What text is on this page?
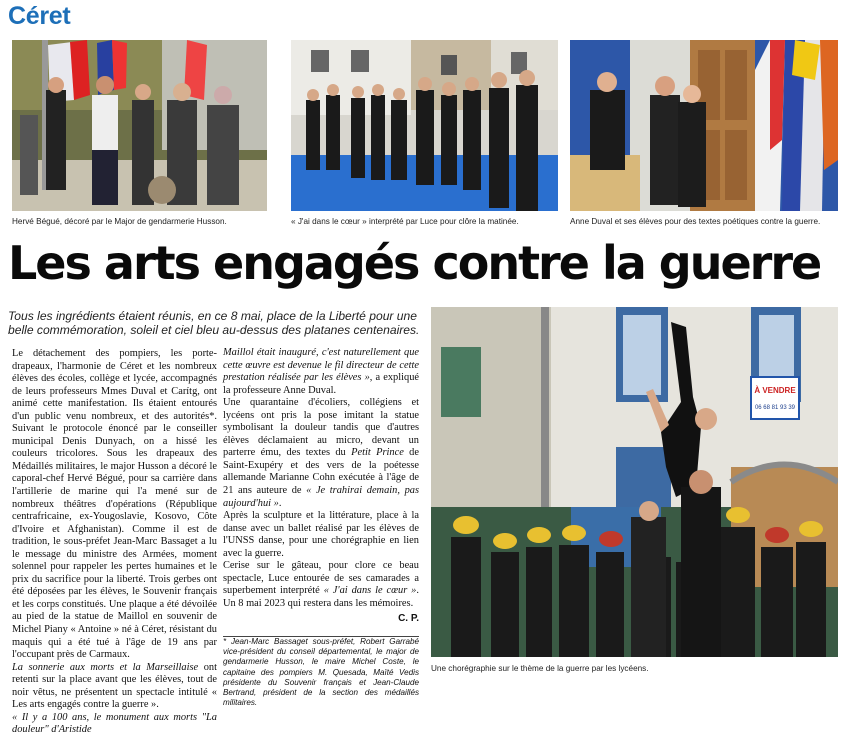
Céret
Hervé Bégué, décoré par le Major de gendarmerie Husson.	« J'ai dans le cœur » interprété par Luce pour clôre la matinée.	Anne Duval et ses élèves pour des textes poétiques contre la guerre.
Les arts engagés contre la guerre
Tous les ingrédients étaient réunis, en ce 8 mai, place de la Liberté pour une belle commémoration, soleil et ciel bleu au-dessus des platanes centenaires.

Le détachement des pompiers, les porte-drapeaux, l'harmonie de Céret et les nombreux élèves des écoles, collège et lycée, accompagnés de leurs professeurs Mmes Duval et Carítg, ont animé cette manifestation. Ils étaient entourés d'un public venu nombreux, et des autorités*. Suivant le protocole énoncé par le conseiller municipal Denis Dunyach, on a hissé les couleurs tricolores. Sous les drapeaux des Médaillés militaires, le major Husson a décoré le caporal-chef Hervé Bégué, pour sa carrière dans l'artillerie de marine qui l'a mené sur de nombreux théâtres d'opérations (République centrafricaine, ex-Yougoslavie, Kosovo, Côte d'Ivoire et Afghanistan). Comme il est de tradition, le sous-préfet Jean-Marc Bassaget a lu le message du ministre des Armées, moment solennel pour rappeler les pertes humaines et le prix du sacrifice pour la liberté. Trois gerbes ont été déposées par les élèves, le Souvenir français et les corps constitués. Une plaque a été dévoilée au pied de la statue de Maillol en souvenir de Michel Piany « Antoine » né à Céret, résistant du maquis qui a été tué à l'âge de 19 ans par l'occupant près de Carmaux.

La sonnerie aux morts et la Marseillaise ont retenti sur la place avant que les élèves, tout de noir vêtus, ne présentent un spectacle intitulé « Les arts engagés contre la guerre ».

« Il y a 100 ans, le monument aux morts "La douleur" d'Aristide

Maillol était inauguré, c'est naturellement que cette œuvre est devenue le fil directeur de cette prestation réalisée par les élèves », a expliqué la professeure Anne Duval.

Une quarantaine d'écoliers, collégiens et lycéens ont pris la pose imitant la statue symbolisant la douleur tandis que d'autres élèves déclamaient au micro, devant un parterre ému, des textes du Petit Prince de Saint-Exupéry et des vers de la poétesse allemande Marianne Cohn exécutée à l'âge de 21 ans auteure de « Je trahirai demain, pas aujourd'hui ».

Après la sculpture et la littérature, place à la danse avec un ballet réalisé par les élèves de l'UNSS danse, pour une chorégraphie en lien avec la guerre.

Cerise sur le gâteau, pour clore ce beau spectacle, Luce entourée de ses camarades a superbement interprété « J'ai dans le cœur ». Un 8 mai 2023 qui restera dans les mémoires.

C. P.

* Jean-Marc Bassaget sous-préfet, Robert Garrabé vice-président du conseil départemental, le major de gendarmerie Husson, le maire Michel Coste, le capitaine des pompiers M. Quesada, Maïté Vedis présidente du Souvenir français et Jean-Claude Bertrand, président de la section des médaillés militaires.

À VENDRE
06 68 81 93 39
Une chorégraphie sur le thème de la guerre par les lycéens.
